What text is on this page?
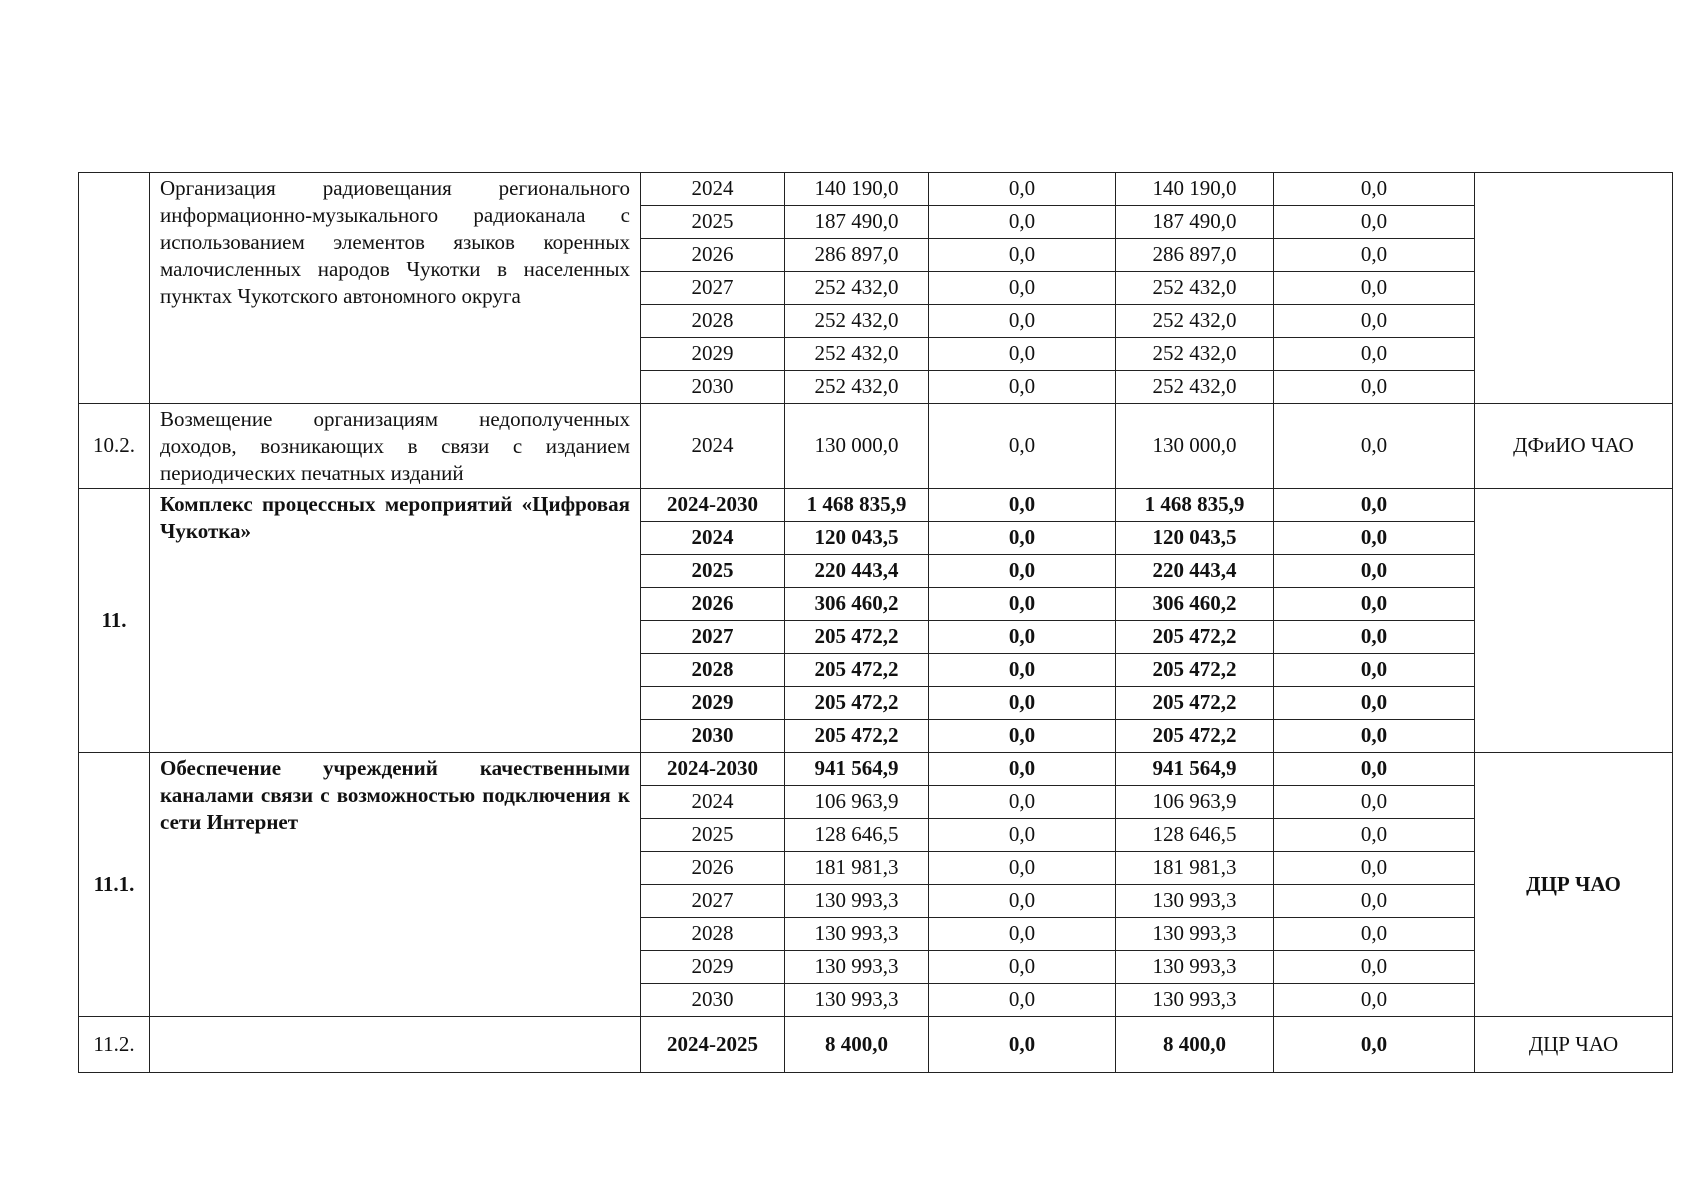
	Организация радиовещания регионального информационно-музыкального радиоканала с использованием элементов языков коренных малочисленных народов Чукотки в населенных пунктах Чукотского автономного округа	2024	140 190,0	0,0	140 190,0	0,0	
		2025	187 490,0	0,0	187 490,0	0,0	
		2026	286 897,0	0,0	286 897,0	0,0	
		2027	252 432,0	0,0	252 432,0	0,0	
		2028	252 432,0	0,0	252 432,0	0,0	
		2029	252 432,0	0,0	252 432,0	0,0	
		2030	252 432,0	0,0	252 432,0	0,0	
10.2.	Возмещение организациям недополученных доходов, возникающих в связи с изданием периодических печатных изданий	2024	130 000,0	0,0	130 000,0	0,0	ДФиИО ЧАО
11.	Комплекс процессных мероприятий «Цифровая Чукотка»	2024-2030	1 468 835,9	0,0	1 468 835,9	0,0	
		2024	120 043,5	0,0	120 043,5	0,0	
		2025	220 443,4	0,0	220 443,4	0,0	
		2026	306 460,2	0,0	306 460,2	0,0	
		2027	205 472,2	0,0	205 472,2	0,0	
		2028	205 472,2	0,0	205 472,2	0,0	
		2029	205 472,2	0,0	205 472,2	0,0	
		2030	205 472,2	0,0	205 472,2	0,0	
11.1.	Обеспечение учреждений качественными каналами связи с возможностью подключения к сети Интернет	2024-2030	941 564,9	0,0	941 564,9	0,0	ДЦР ЧАО
		2024	106 963,9	0,0	106 963,9	0,0	
		2025	128 646,5	0,0	128 646,5	0,0	
		2026	181 981,3	0,0	181 981,3	0,0	
		2027	130 993,3	0,0	130 993,3	0,0	
		2028	130 993,3	0,0	130 993,3	0,0	
		2029	130 993,3	0,0	130 993,3	0,0	
		2030	130 993,3	0,0	130 993,3	0,0	
11.2.		2024-2025	8 400,0	0,0	8 400,0	0,0	ДЦР ЧАО
